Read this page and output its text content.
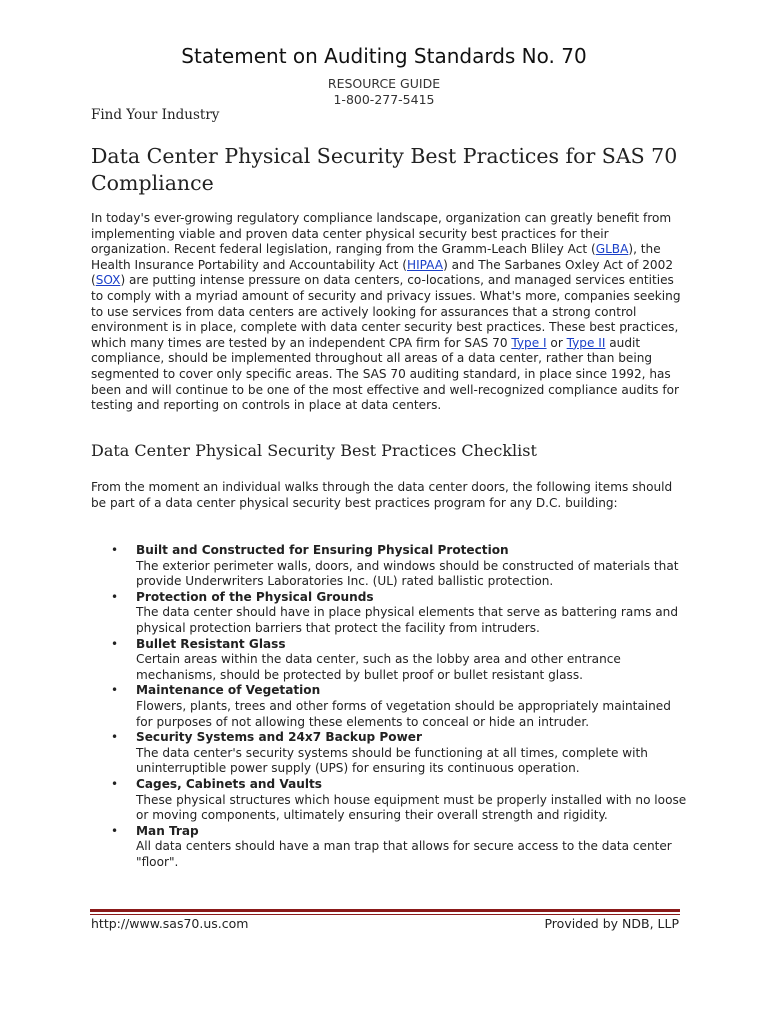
Statement on Auditing Standards No. 70
RESOURCE GUIDE
1-800-277-5415
Find Your Industry
Data Center Physical Security Best Practices for SAS 70 Compliance

In today's ever-growing regulatory compliance landscape, organization can greatly benefit from implementing viable and proven data center physical security best practices for their organization. Recent federal legislation, ranging from the Gramm-Leach Bliley Act (GLBA), the Health Insurance Portability and Accountability Act (HIPAA) and The Sarbanes Oxley Act of 2002 (SOX) are putting intense pressure on data centers, co-locations, and managed services entities to comply with a myriad amount of security and privacy issues. What's more, companies seeking to use services from data centers are actively looking for assurances that a strong control environment is in place, complete with data center security best practices. These best practices, which many times are tested by an independent CPA firm for SAS 70 Type I or Type II audit compliance, should be implemented throughout all areas of a data center, rather than being segmented to cover only specific areas. The SAS 70 auditing standard, in place since 1992, has been and will continue to be one of the most effective and well-recognized compliance audits for testing and reporting on controls in place at data centers.

Data Center Physical Security Best Practices Checklist

From the moment an individual walks through the data center doors, the following items should be part of a data center physical security best practices program for any D.C. building:

• Built and Constructed for Ensuring Physical Protection
The exterior perimeter walls, doors, and windows should be constructed of materials that provide Underwriters Laboratories Inc. (UL) rated ballistic protection.
• Protection of the Physical Grounds
The data center should have in place physical elements that serve as battering rams and physical protection barriers that protect the facility from intruders.
• Bullet Resistant Glass
Certain areas within the data center, such as the lobby area and other entrance mechanisms, should be protected by bullet proof or bullet resistant glass.
• Maintenance of Vegetation
Flowers, plants, trees and other forms of vegetation should be appropriately maintained for purposes of not allowing these elements to conceal or hide an intruder.
• Security Systems and 24x7 Backup Power
The data center's security systems should be functioning at all times, complete with uninterruptible power supply (UPS) for ensuring its continuous operation.
• Cages, Cabinets and Vaults
These physical structures which house equipment must be properly installed with no loose or moving components, ultimately ensuring their overall strength and rigidity.
• Man Trap
All data centers should have a man trap that allows for secure access to the data center "floor".
http://www.sas70.us.com	Provided by NDB, LLP
